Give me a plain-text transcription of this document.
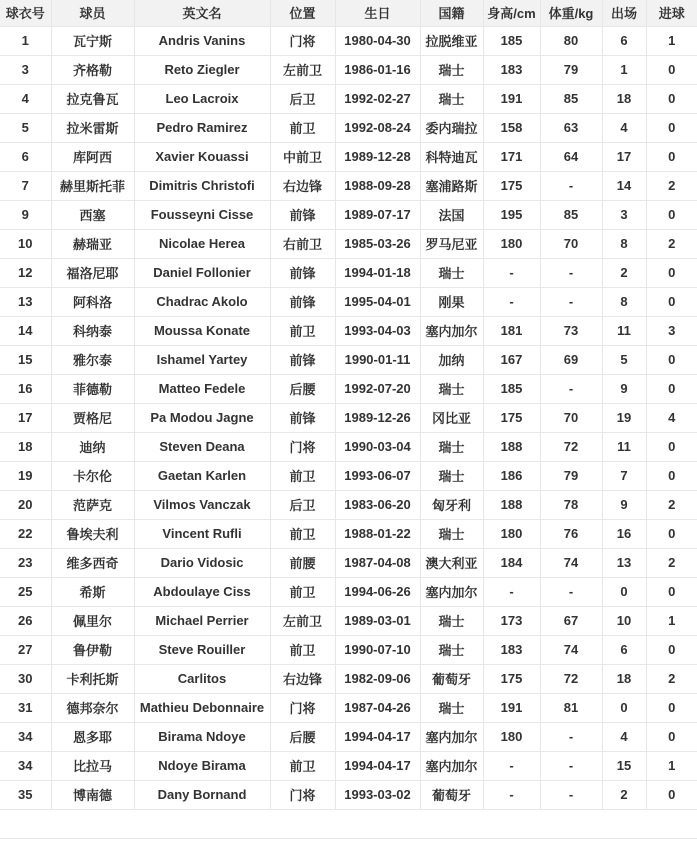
球衣号	球员	英文名	位置	生日	国籍	身高/cm	体重/kg	出场	进球
1	瓦宁斯	Andris Vanins	门将	1980-04-30	拉脱维亚	185	80	6	1
3	齐格勒	Reto Ziegler	左前卫	1986-01-16	瑞士	183	79	1	0
4	拉克鲁瓦	Leo Lacroix	后卫	1992-02-27	瑞士	191	85	18	0
5	拉米雷斯	Pedro Ramirez	前卫	1992-08-24	委内瑞拉	158	63	4	0
6	库阿西	Xavier Kouassi	中前卫	1989-12-28	科特迪瓦	171	64	17	0
7	赫里斯托菲	Dimitris Christofi	右边锋	1988-09-28	塞浦路斯	175	-	14	2
9	西塞	Fousseyni Cisse	前锋	1989-07-17	法国	195	85	3	0
10	赫瑞亚	Nicolae Herea	右前卫	1985-03-26	罗马尼亚	180	70	8	2
12	福洛尼耶	Daniel Follonier	前锋	1994-01-18	瑞士	-	-	2	0
13	阿科洛	Chadrac Akolo	前锋	1995-04-01	刚果	-	-	8	0
14	科纳泰	Moussa Konate	前卫	1993-04-03	塞内加尔	181	73	11	3
15	雅尔泰	Ishamel Yartey	前锋	1990-01-11	加纳	167	69	5	0
16	菲德勒	Matteo Fedele	后腰	1992-07-20	瑞士	185	-	9	0
17	贾格尼	Pa Modou Jagne	前锋	1989-12-26	冈比亚	175	70	19	4
18	迪纳	Steven Deana	门将	1990-03-04	瑞士	188	72	11	0
19	卡尔伦	Gaetan Karlen	前卫	1993-06-07	瑞士	186	79	7	0
20	范萨克	Vilmos Vanczak	后卫	1983-06-20	匈牙利	188	78	9	2
22	鲁埃夫利	Vincent Rufli	前卫	1988-01-22	瑞士	180	76	16	0
23	维多西奇	Dario Vidosic	前腰	1987-04-08	澳大利亚	184	74	13	2
25	希斯	Abdoulaye Ciss	前卫	1994-06-26	塞内加尔	-	-	0	0
26	佩里尔	Michael Perrier	左前卫	1989-03-01	瑞士	173	67	10	1
27	鲁伊勒	Steve Rouiller	前卫	1990-07-10	瑞士	183	74	6	0
30	卡利托斯	Carlitos	右边锋	1982-09-06	葡萄牙	175	72	18	2
31	德邦奈尔	Mathieu Debonnaire	门将	1987-04-26	瑞士	191	81	0	0
34	恩多耶	Birama Ndoye	后腰	1994-04-17	塞内加尔	180	-	4	0
34	比拉马	Ndoye Birama	前卫	1994-04-17	塞内加尔	-	-	15	1
35	博南德	Dany Bornand	门将	1993-03-02	葡萄牙	-	-	2	0
